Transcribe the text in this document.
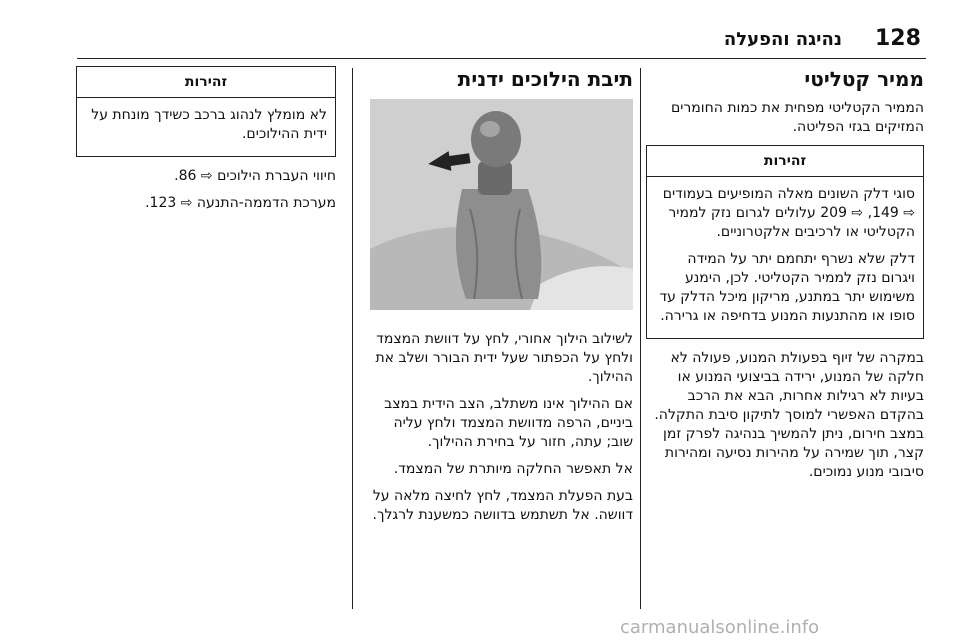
128
נהיגה והפעלה
ממיר קטליטי

הממיר הקטליטי מפחית את כמות החומרים המזיקים בגזי הפליטה.

זהירות

סוגי דלק השונים מאלה המופיעים בעמודים ⇨ 149, ⇨ 209 עלולים לגרום נזק לממיר הקטליטי או לרכיבים אלקטרוניים.

דלק שלא נשרף יתחמם יתר על המידה ויגרום נזק לממיר הקטליטי. לכן, הימנע משימוש יתר במתנע, מריקון מיכל הדלק עד סופו או מהתנעות המנוע בדחיפה או גרירה.

במקרה של זיוף בפעולת המנוע, פעולה לא חלקה של המנוע, ירידה בביצועי המנוע או בעיות לא רגילות אחרות, הבא את הרכב בהקדם האפשרי למוסך לתיקון סיבת התקלה. במצב חירום, ניתן להמשיך בנהיגה לפרק זמן קצר, תוך שמירה על מהירות נסיעה ומהירות סיבובי מנוע נמוכים.

תיבת הילוכים ידנית

לשילוב הילוך אחורי, לחץ על דוושת המצמד ולחץ על הכפתור שעל ידית הבורר ושלב את ההילוך.

אם ההילוך אינו משתלב, הצב הידית במצב ביניים, הרפה מדוושת המצמד ולחץ עליה שוב; עתה, חזור על בחירת ההילוך.

אל תאפשר החלקה מיותרת של המצמד.

בעת הפעלת המצמד, לחץ לחיצה מלאה על דוושה. אל תשתמש בדוושה כמשענת לרגלך.

זהירות

לא מומלץ לנהוג ברכב כשידך מונחת על ידית ההילוכים.

חיווי העברת הילוכים ⇨ 86.

מערכת הדממה-התנעה ⇨ 123.

carmanualsonline.info
